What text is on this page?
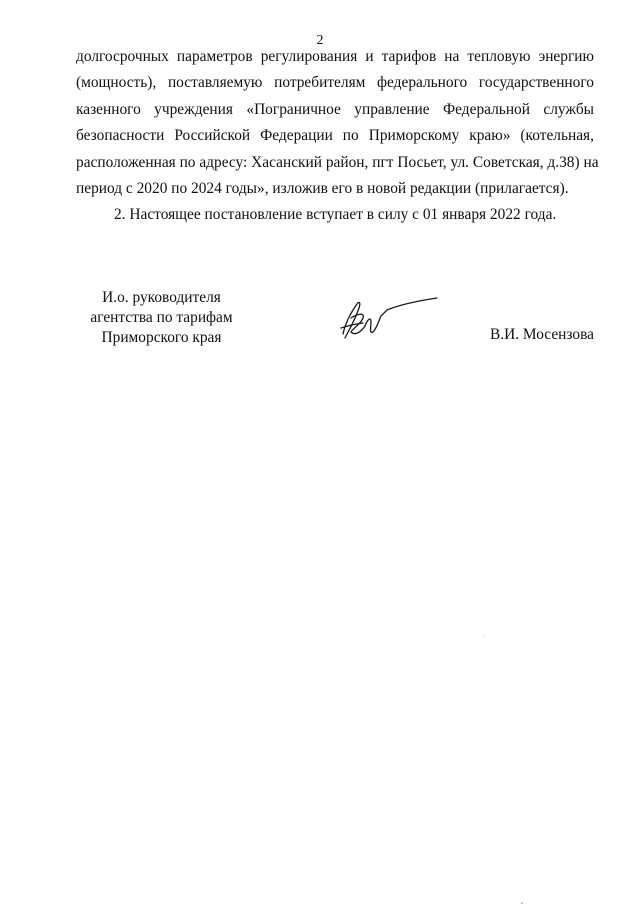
2
долгосрочных параметров регулирования и тарифов на тепловую энергию
(мощность), поставляемую потребителям федерального государственного
казенного учреждения «Пограничное управление Федеральной службы
безопасности Российской Федерации по Приморскому краю» (котельная,
расположенная по адресу: Хасанский район, пгт Посьет, ул. Советская, д.38) на
период с 2020 по 2024 годы», изложив его в новой редакции (прилагается).
2. Настоящее постановление вступает в силу с 01 января 2022 года.
И.о. руководителя
агентства по тарифам
Приморского края	В.И. Мосензова
